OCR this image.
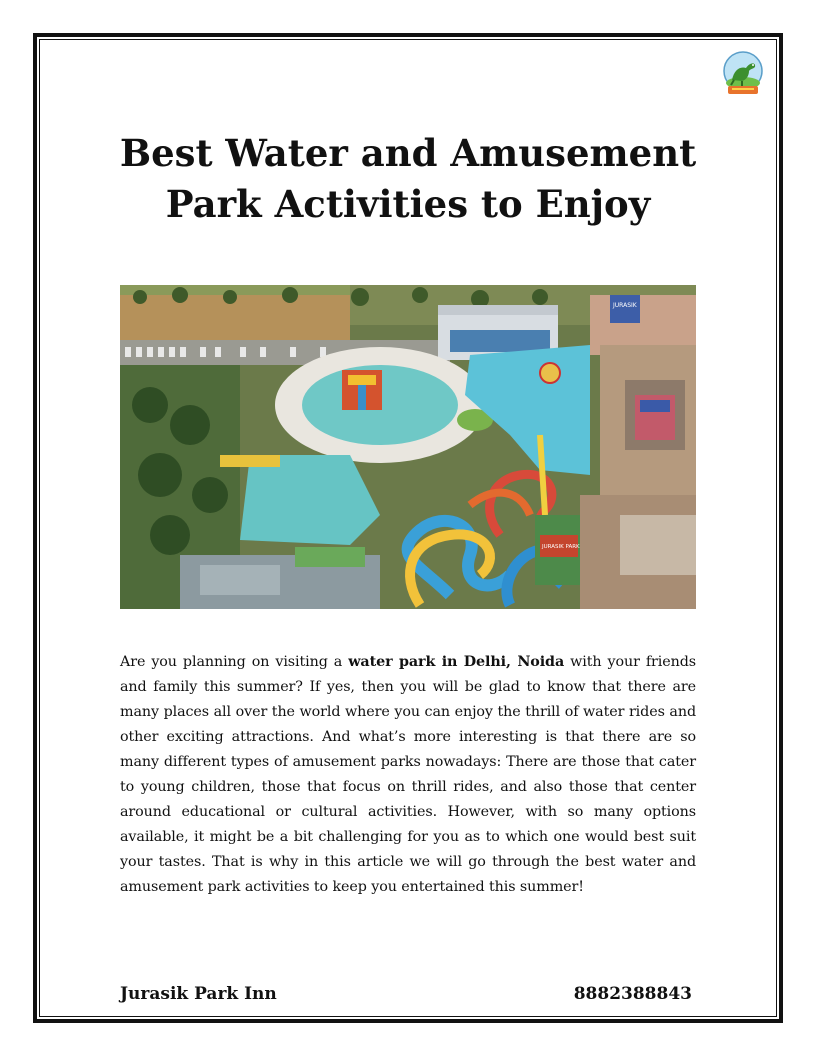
Best Water and Amusement
Park Activities to Enjoy
JURASIK
JURASIK PARK

Are you planning on visiting a water park in Delhi, Noida with your friends and family this summer? If yes, then you will be glad to know that there are many places all over the world where you can enjoy the thrill of water rides and other exciting attractions. And what’s more interesting is that there are so many different types of amusement parks nowadays: There are those that cater to young children, those that focus on thrill rides, and also those that center around educational or cultural activities. However, with so many options available, it might be a bit challenging for you as to which one would best suit your tastes. That is why in this article we will go through the best water and amusement park activities to keep you entertained this summer!

Jurasik Park Inn	8882388843
